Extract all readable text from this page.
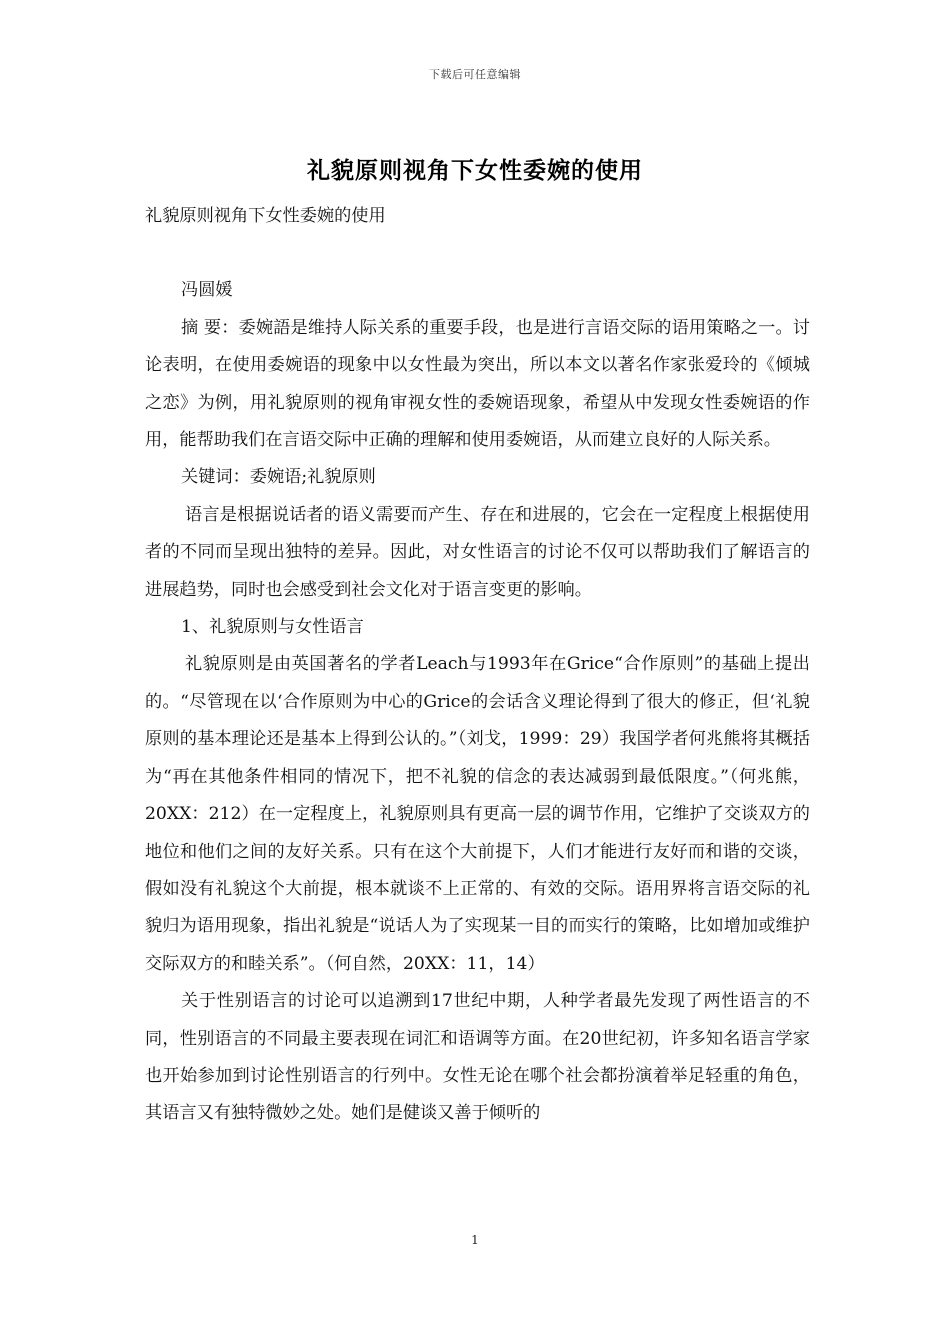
下载后可任意编辑
礼貌原则视角下女性委婉的使用

礼貌原则视角下女性委婉的使用

冯圆媛

摘 要：委婉語是维持人际关系的重要手段，也是进行言语交际的语用策略之一。讨论表明，在使用委婉语的现象中以女性最为突出，所以本文以著名作家张爱玲的《倾城之恋》为例，用礼貌原则的视角审视女性的委婉语现象，希望从中发现女性委婉语的作用，能帮助我们在言语交际中正确的理解和使用委婉语，从而建立良好的人际关系。

关键词：委婉语;礼貌原则

语言是根据说话者的语义需要而产生、存在和进展的，它会在一定程度上根据使用者的不同而呈现出独特的差异。因此，对女性语言的讨论不仅可以帮助我们了解语言的进展趋势，同时也会感受到社会文化对于语言变更的影响。

1、礼貌原则与女性语言

礼貌原则是由英国著名的学者Leach与1993年在Grice“合作原则”的基础上提出的。“尽管现在以‘合作原则为中心的Grice的会话含义理论得到了很大的修正，但‘礼貌原则的基本理论还是基本上得到公认的。”（刘戈，1999：29）我国学者何兆熊将其概括为“再在其他条件相同的情况下，把不礼貌的信念的表达减弱到最低限度。”（何兆熊，20XX：212）在一定程度上，礼貌原则具有更高一层的调节作用，它维护了交谈双方的地位和他们之间的友好关系。只有在这个大前提下，人们才能进行友好而和谐的交谈，假如没有礼貌这个大前提，根本就谈不上正常的、有效的交际。语用界将言语交际的礼貌归为语用现象，指出礼貌是“说话人为了实现某一目的而实行的策略，比如增加或维护交际双方的和睦关系”。（何自然，20XX：11，14）

关于性别语言的讨论可以追溯到17世纪中期，人种学者最先发现了两性语言的不同，性别语言的不同最主要表现在词汇和语调等方面。在20世纪初，许多知名语言学家也开始参加到讨论性别语言的行列中。女性无论在哪个社会都扮演着举足轻重的角色，其语言又有独特微妙之处。她们是健谈又善于倾听的

1
